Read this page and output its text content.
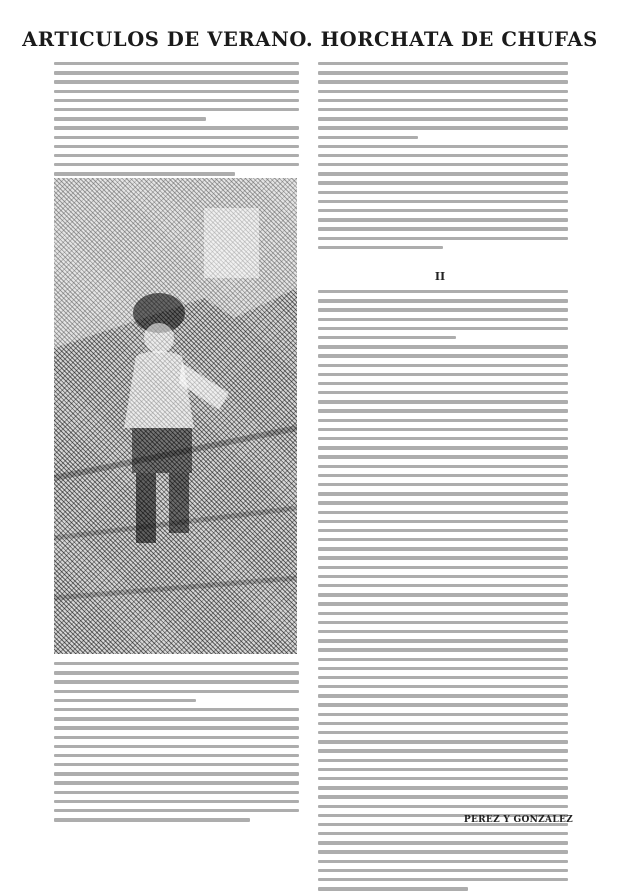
ARTICULOS DE VERANO. HORCHATA DE CHUFAS
II
PEREZ Y GONZALEZ
